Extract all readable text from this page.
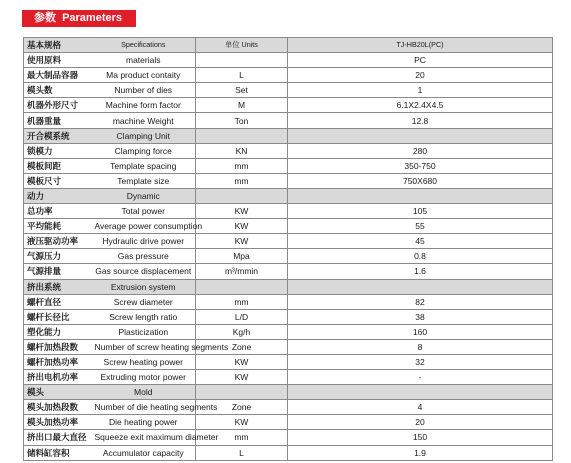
参数 Parameters
基本规格	Specifications	单位 Units	TJ-HB20L(PC)
使用原料	materials		PC
最大制品容器	Ma product contaity	L	20
模头数	Number of dies	Set	1
机器外形尺寸	Machine form factor	M	6.1X2.4X4.5
机器重量	machine Weight	Ton	12.8
开合模系统	Clamping Unit		
锁模力	Clamping force	KN	280
模板间距	Template spacing	mm	350-750
模板尺寸	Template size	mm	750X680
动力	Dynamic		
总功率	Total power	KW	105
平均能耗	Average power consumption	KW	55
液压驱动功率	Hydraulic drive power	KW	45
气源压力	Gas pressure	Mpa	0.8
气源排量	Gas source displacement	m³/mmin	1.6
挤出系统	Extrusion system		
螺杆直径	Screw diameter	mm	82
螺杆长径比	Screw length ratio	L/D	38
塑化能力	Plasticization	Kg/h	160
螺杆加热段数	Number of screw heating segments	Zone	8
螺杆加热功率	Screw heating power	KW	32
挤出电机功率	Extruding motor power	KW	-
模头	Mold		
模头加热段数	Number of die heating segments	Zone	4
模头加热功率	Die heating power	KW	20
挤出口最大直径	Squeeze exit maximum diameter	mm	150
储料缸容积	Accumulator capacity	L	1.9
